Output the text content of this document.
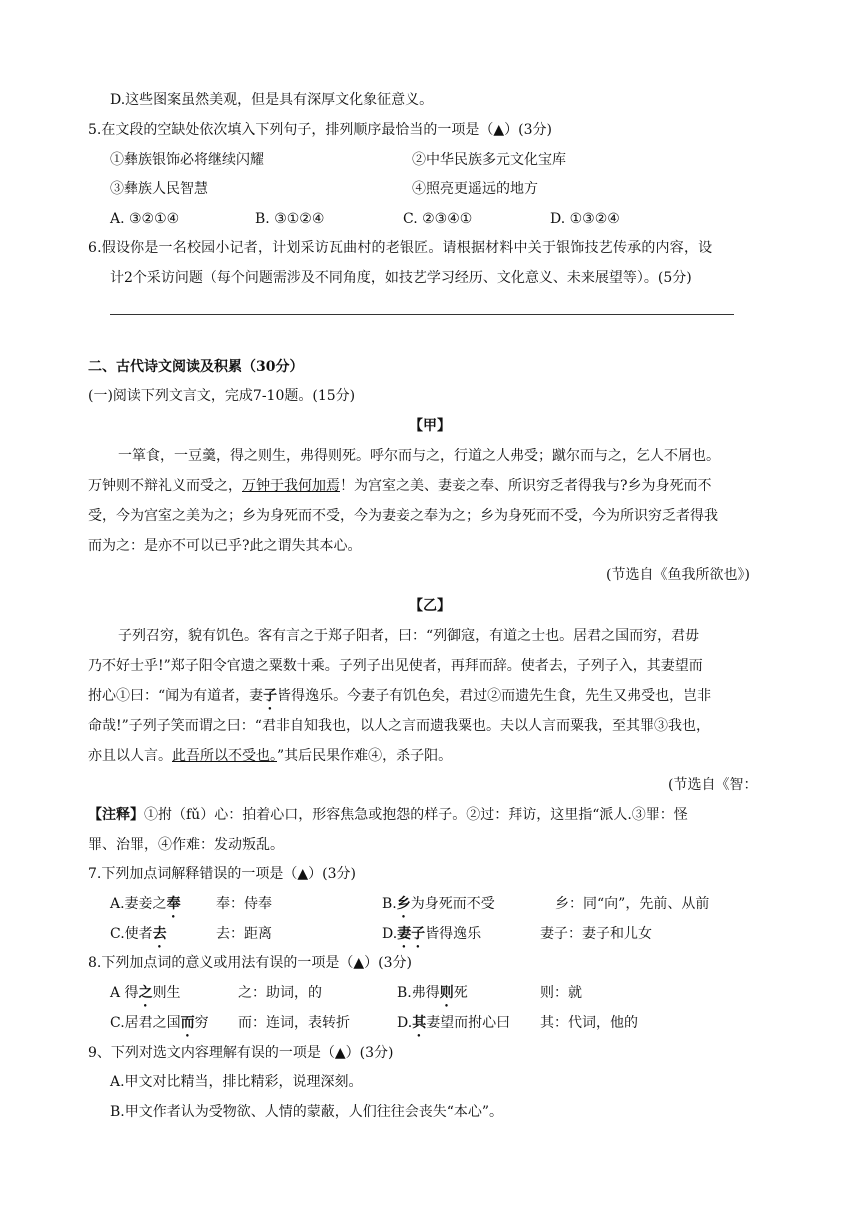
D.这些图案虽然美观，但是具有深厚文化象征意义。
5.在文段的空缺处依次填入下列句子，排列顺序最恰当的一项是（▲）(3分)
①彝族银饰必将继续闪耀	②中华民族多元文化宝库
③彝族人民智慧	④照亮更遥远的地方
A. ③②①④	B. ③①②④	C. ②③④①	D. ①③②④
6.假设你是一名校园小记者，计划采访瓦曲村的老银匠。请根据材料中关于银饰技艺传承的内容，设
计2个采访问题（每个问题需涉及不同角度，如技艺学习经历、文化意义、未来展望等）。(5分)
二、古代诗文阅读及积累（30分）
(一)阅读下列文言文，完成7-10题。(15分)
【甲】
一箪食，一豆羹，得之则生，弗得则死。呼尔而与之，行道之人弗受；蹴尔而与之，乞人不屑也。
万钟则不辩礼义而受之，万钟于我何加焉！为宫室之美、妻妾之奉、所识穷乏者得我与?乡为身死而不
受，今为宫室之美为之；乡为身死而不受，今为妻妾之奉为之；乡为身死而不受，今为所识穷乏者得我
而为之：是亦不可以已乎?此之谓失其本心。
(节选自《鱼我所欲也》)
【乙】
子列召穷，貌有饥色。客有言之于郑子阳者，曰：“列御寇，有道之士也。居君之国而穷，君毋
乃不好士乎!”郑子阳令官遗之粟数十乘。子列子出见使者，再拜而辞。使者去，子列子入，其妻望而
拊心①曰：“闻为有道者，妻子皆得逸乐。今妻子有饥色矣，君过②而遗先生食，先生又弗受也，岂非
命哉!”子列子笑而谓之曰：“君非自知我也，以人之言而遗我粟也。夫以人言而粟我，至其罪③我也，
亦且以人言。此吾所以不受也。”其后民果作难④，杀子阳。
(节选自《智：
【注释】①拊（fǔ）心：拍着心口，形容焦急或抱怨的样子。②过：拜访，这里指“派人.③罪：怪
罪、治罪，④作难：发动叛乱。
7.下列加点词解释错误的一项是（▲）(3分)
A.妻妾之奉	奉：侍奉	B.乡为身死而不受	乡：同“向”，先前、从前
C.使者去	去：距离	D.妻子皆得逸乐	妻子：妻子和儿女
8.下列加点词的意义或用法有误的一项是（▲）(3分)
A 得之则生	之：助词，的	B.弗得则死	则：就
C.居君之国而穷 而：连词，表转折	D.其妻望而拊心曰 其：代词，他的
9、下列对选文内容理解有误的一项是（▲）(3分)
A.甲文对比精当，排比精彩，说理深刻。
B.甲文作者认为受物欲、人情的蒙蔽，人们往往会丧失“本心”。
